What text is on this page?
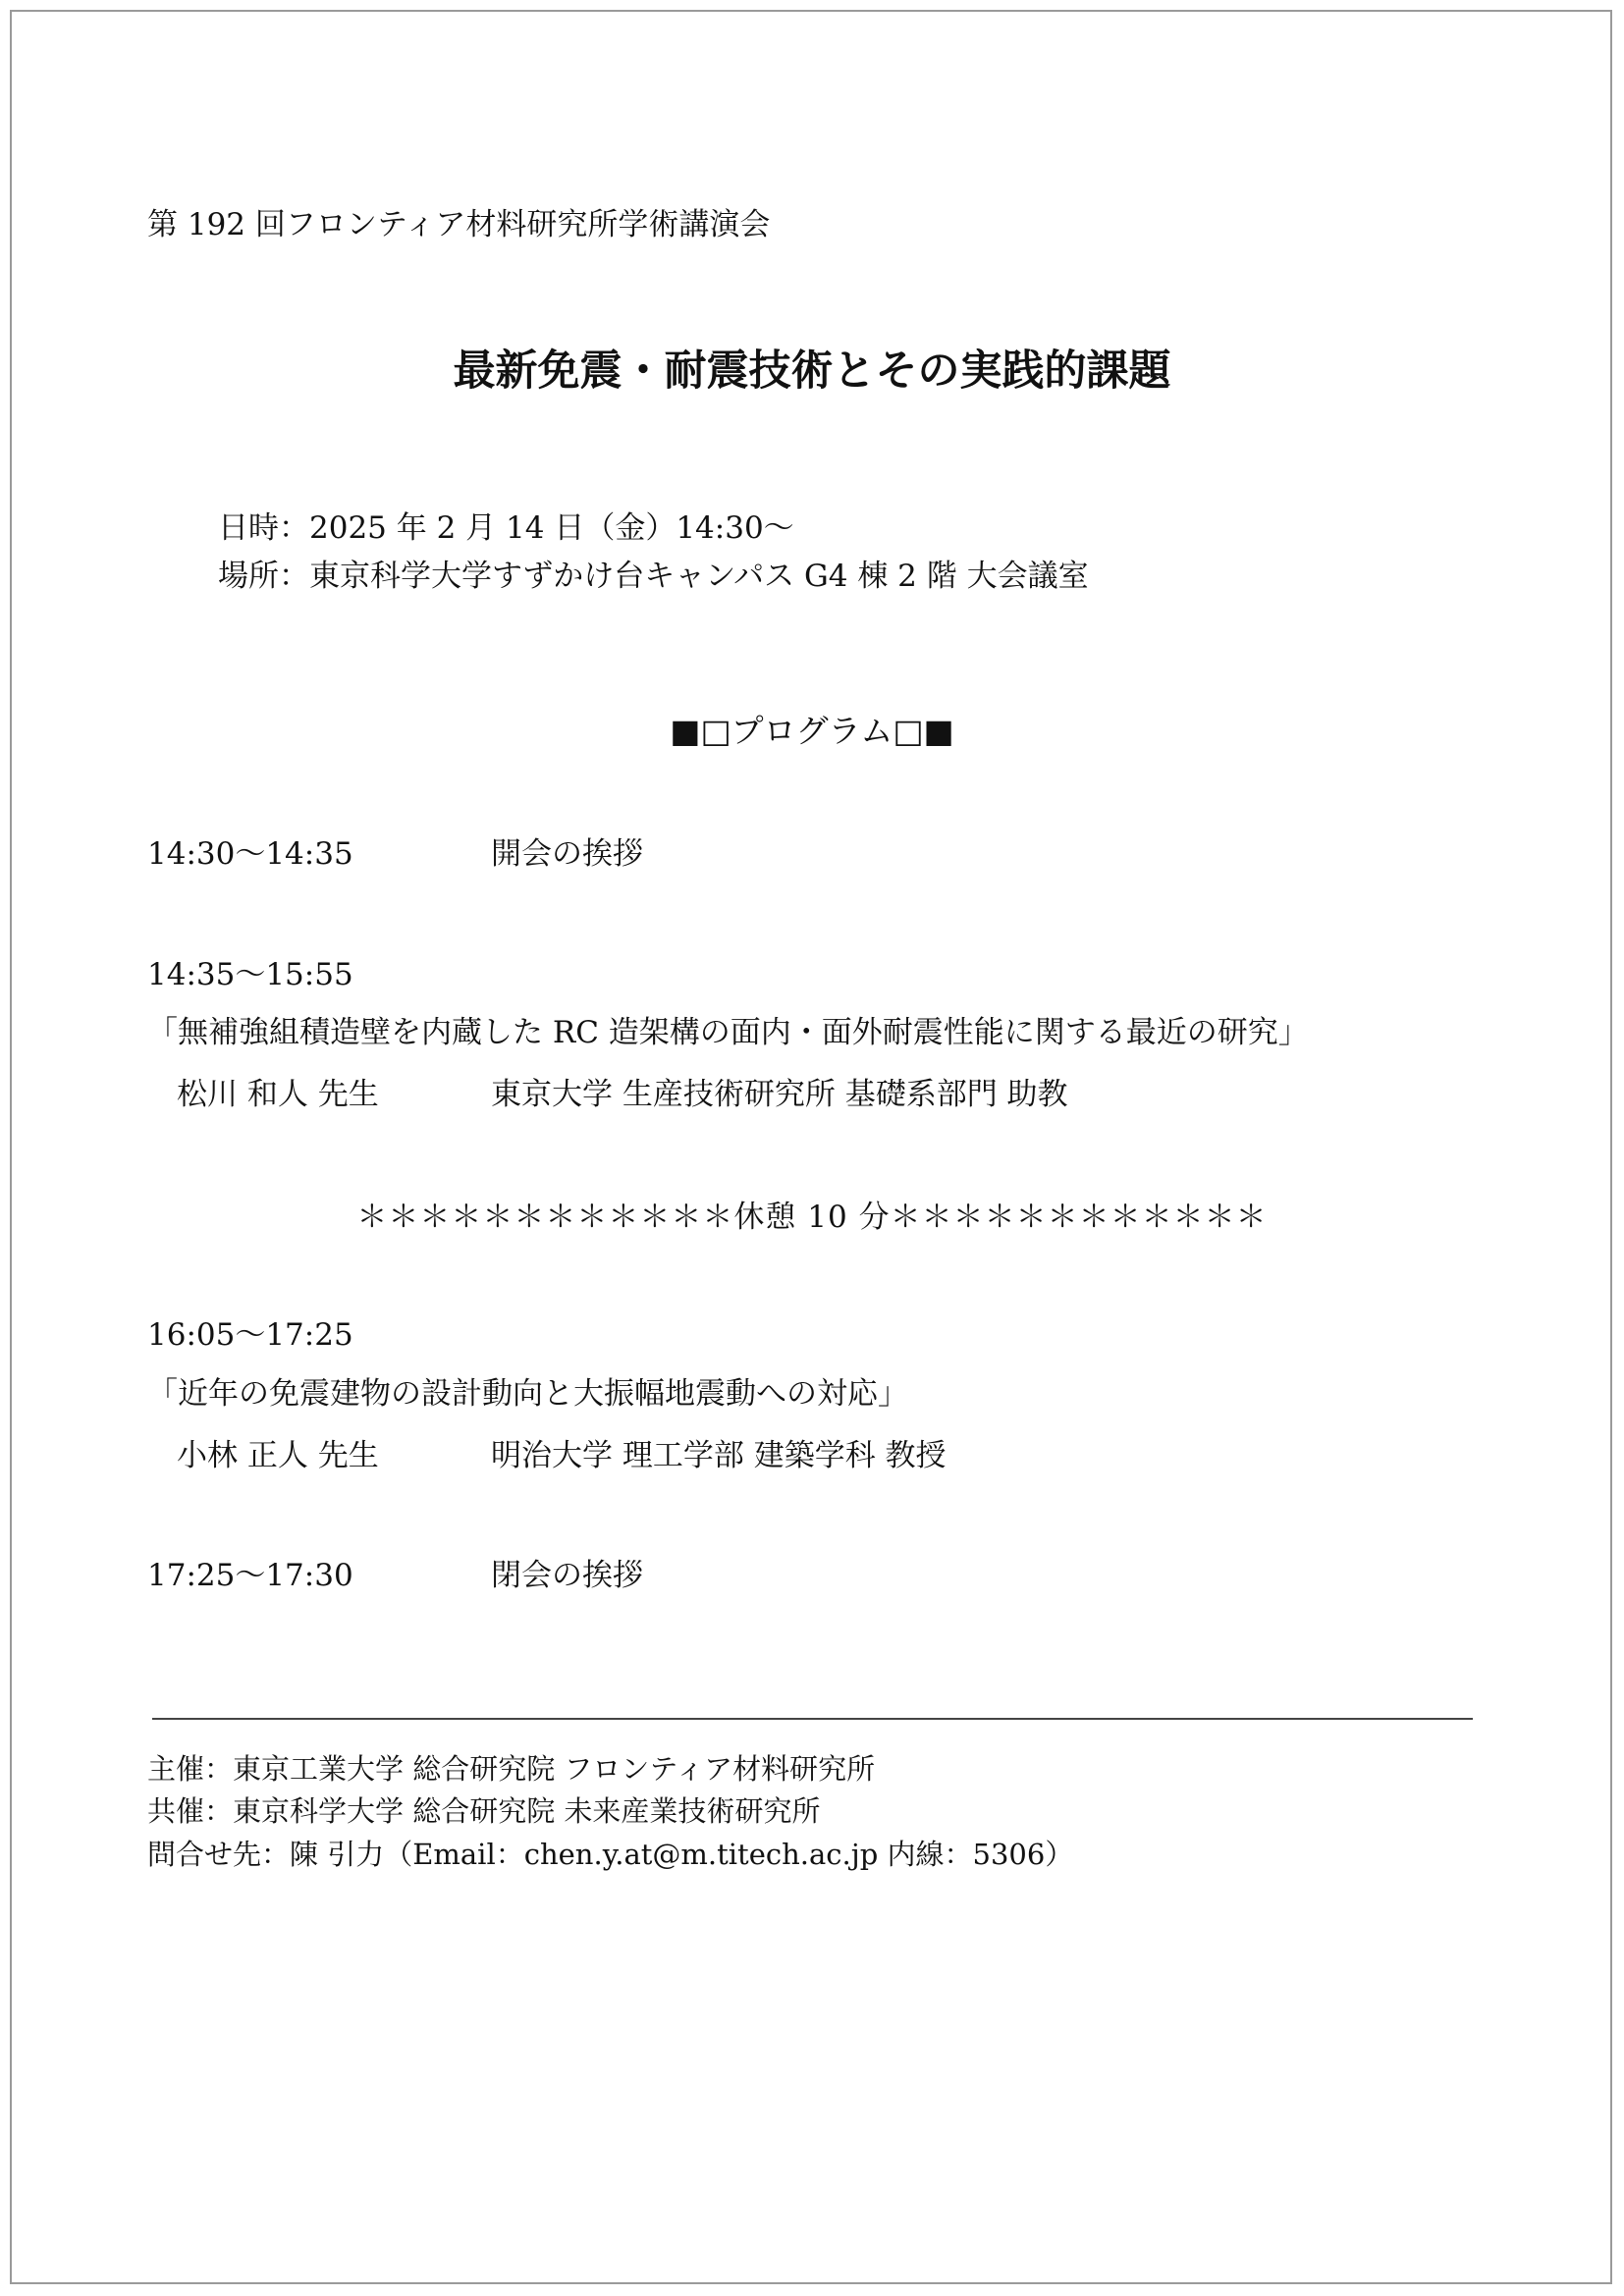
第 192 回フロンティア材料研究所学術講演会
最新免震・耐震技術とその実践的課題
日時：2025 年 2 月 14 日（金）14:30～
場所：東京科学大学すずかけ台キャンパス G4 棟 2 階 大会議室
■□プログラム□■
14:30～14:35	開会の挨拶
14:35～15:55
「無補強組積造壁を内蔵した RC 造架構の面内・面外耐震性能に関する最近の研究」
松川 和人 先生	東京大学 生産技術研究所 基礎系部門 助教
＊＊＊＊＊＊＊＊＊＊＊＊休憩 10 分＊＊＊＊＊＊＊＊＊＊＊＊
16:05～17:25
「近年の免震建物の設計動向と大振幅地震動への対応」
小林 正人 先生	明治大学 理工学部 建築学科 教授
17:25～17:30	閉会の挨拶
主催：東京工業大学 総合研究院 フロンティア材料研究所
共催：東京科学大学 総合研究院 未来産業技術研究所
問合せ先：陳 引力（Email：chen.y.at@m.titech.ac.jp 内線：5306）
